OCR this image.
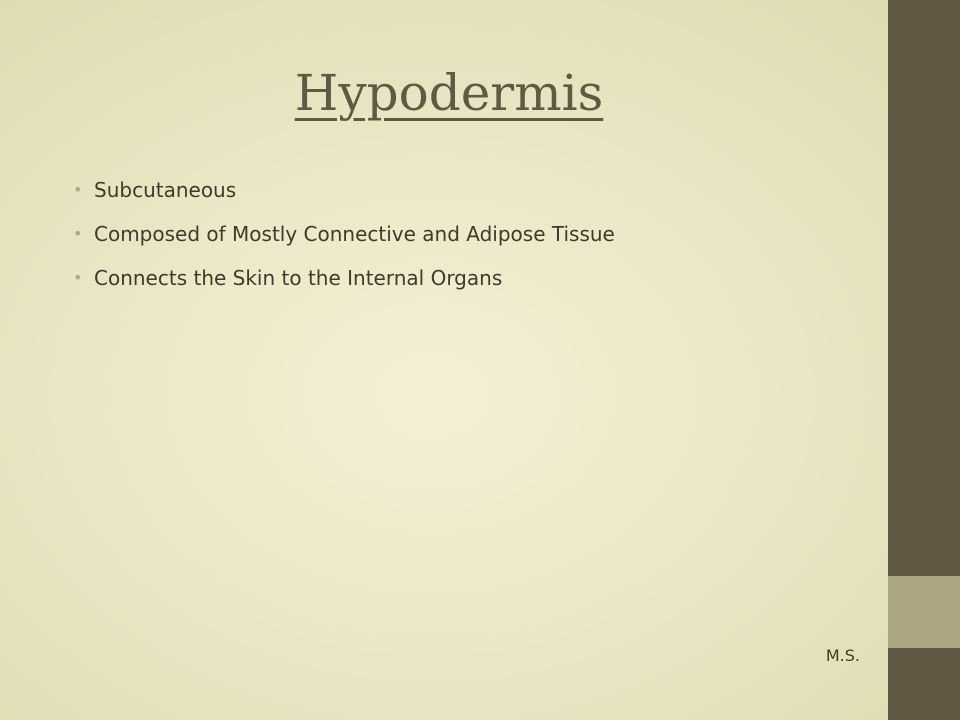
Hypodermis
• Subcutaneous
• Composed of Mostly Connective and Adipose Tissue
• Connects the Skin to the Internal Organs
M.S.
